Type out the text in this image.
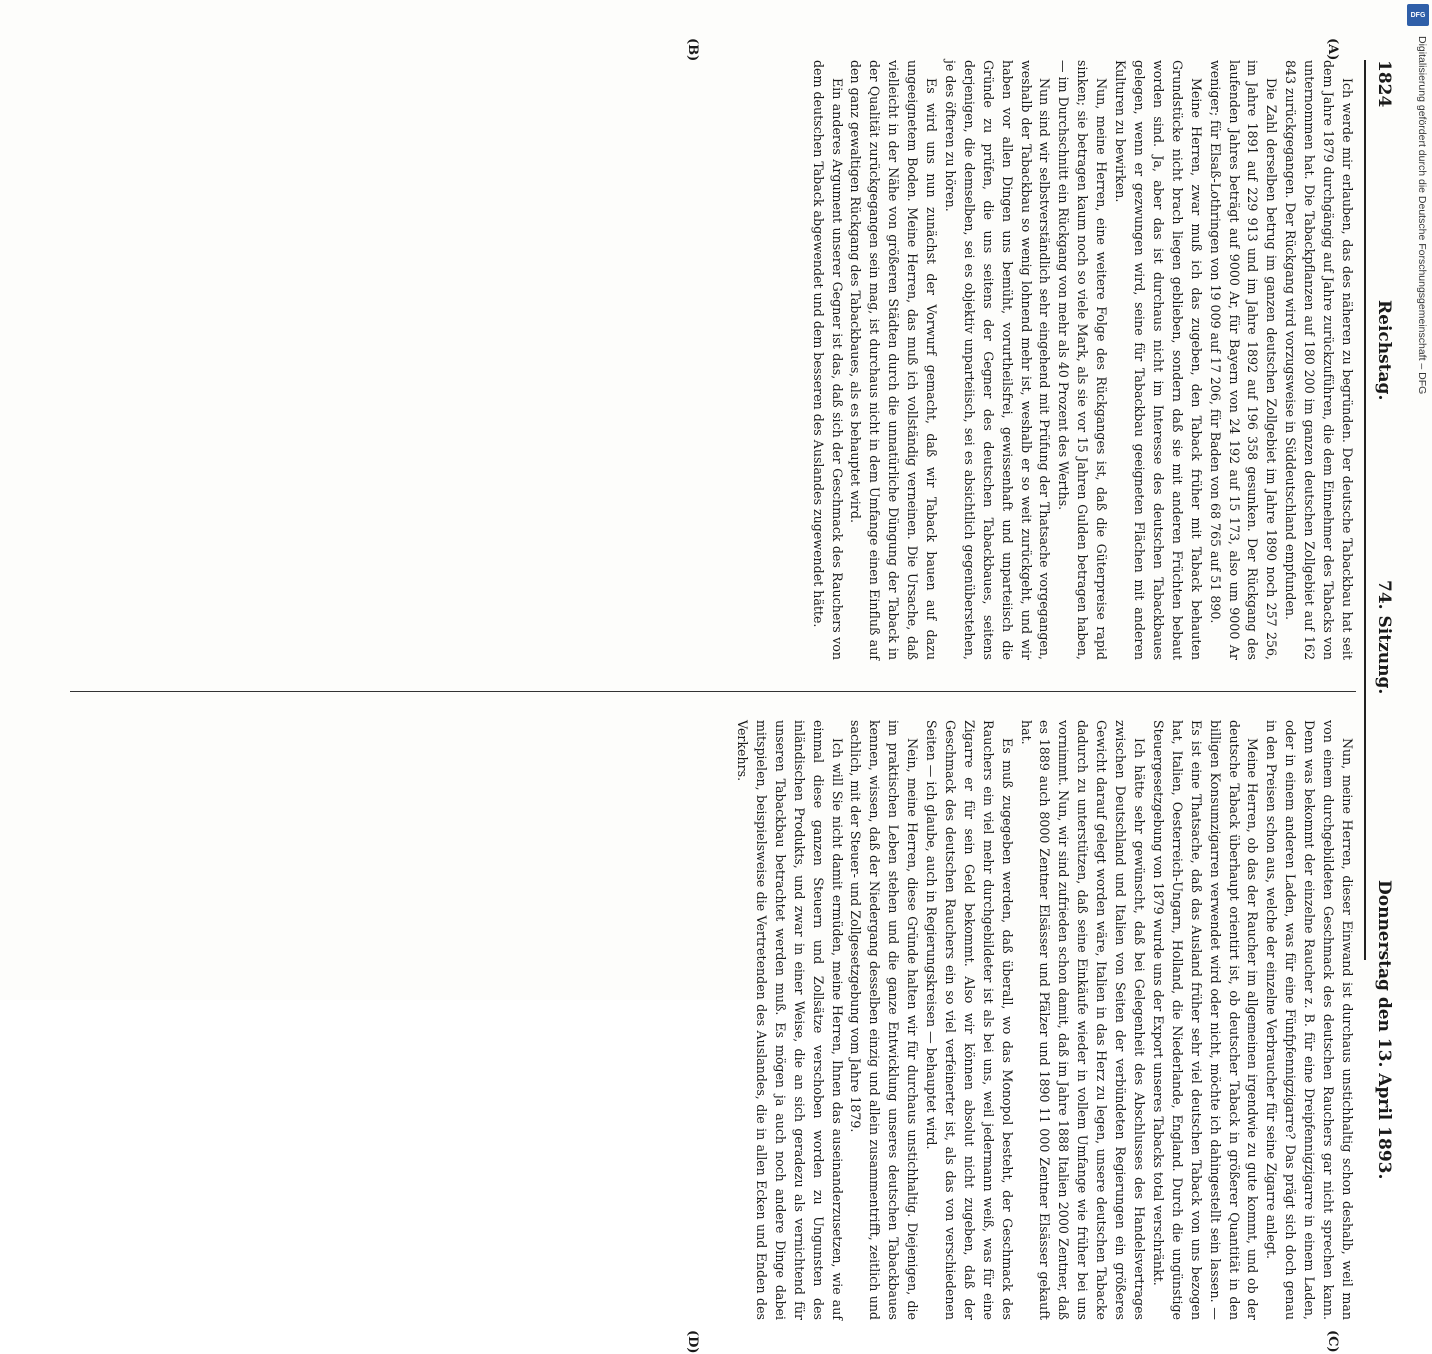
1824
Reichstag.
74. Sitzung.
Donnerstag den 13. April 1893.
(A)
(B)
(C)
(D)

Ich werde mir erlauben, das des näheren zu begründen. Der deutsche Tabackbau hat seit dem Jahre 1879 durchgängig auf Jahre zurückzuführen, die dem Einnehmer des Tabacks von unternommen hat. Die Tabackpflanzen auf 180 200 im ganzen deutschen Zollgebiet auf 162 843 zurückgegangen. Der Rückgang wird vorzugsweise in Süddeutschland empfunden.

Die Zahl derselben betrug im ganzen deutschen Zollgebiet im Jahre 1890 noch 257 256, im Jahre 1891 auf 229 913 und im Jahre 1892 auf 196 358 gesunken. Der Rückgang des laufenden Jahres beträgt auf 9000 Ar, für Bayern von 24 192 auf 15 173, also um 9000 Ar weniger; für Elsaß-Lothringen von 19 009 auf 17 206, für Baden von 68 765 auf 51 890.

Meine Herren, zwar muß ich das zugeben, den Taback früher mit Taback behauten Grundstücke nicht brach liegen geblieben, sondern daß sie mit anderen Früchten bebaut worden sind. Ja, aber das ist durchaus nicht im Interesse des deutschen Tabackbaues gelegen, wenn er gezwungen wird, seine für Tabackbau geeigneten Flächen mit anderen Kulturen zu bewirken.

Nun, meine Herren, eine weitere Folge des Rückganges ist, daß die Güterpreise rapid sinken; sie betragen kaum noch so viele Mark, als sie vor 15 Jahren Gulden betragen haben, — im Durchschnitt ein Rückgang von mehr als 40 Prozent des Werths.

Nun sind wir selbstverständlich sehr eingehend mit Prüfung der Thatsache vorgegangen, weshalb der Tabackbau so wenig lohnend mehr ist, weshalb er so weit zurückgeht, und wir haben vor allen Dingen uns bemüht, vorurtheilsfrei, gewissenhaft und unparteiisch die Gründe zu prüfen, die uns seitens der Gegner des deutschen Tabackbaues, seitens derjenigen, die demselben, sei es objektiv unparteiisch, sei es absichtlich gegenüberstehen, je des öfteren zu hören.

Es wird uns nun zunächst der Vorwurf gemacht, daß wir Taback bauen auf dazu ungeeignetem Boden. Meine Herren, das muß ich vollständig verneinen. Die Ursache, daß vielleicht in der Nähe von größeren Städten durch die unnatürliche Düngung der Taback in der Qualität zurückgegangen sein mag, ist durchaus nicht in dem Umfange einen Einfluß auf den ganz gewaltigen Rückgang des Tabackbaues, als es behauptet wird.

Ein anderes Argument unserer Gegner ist das, daß sich der Geschmack des Rauchers von dem deutschen Taback abgewendet und dem besseren des Auslandes zugewendet hätte.

Nun, meine Herren, dieser Einwand ist durchaus unstichhaltig schon deshalb, weil man von einem durchgebildeten Geschmack des deutschen Rauchers gar nicht sprechen kann. Denn was bekommt der einzelne Raucher z. B. für eine Dreipfennigzigarre in einem Laden, oder in einem anderen Laden, was für eine Fünfpfennigzigarre? Das prägt sich doch genau in den Preisen schon aus, welche der einzelne Verbraucher für seine Zigarre anlegt.

Meine Herren, ob das der Raucher im allgemeinen irgendwie zu gute kommt, und ob der deutsche Taback überhaupt orientirt ist, ob deutscher Taback in größerer Quantität in den billigen Konsumzigarren verwendet wird oder nicht, möchte ich dahingestellt sein lassen. — Es ist eine Thatsache, daß das Ausland früher sehr viel deutschen Taback von uns bezogen hat, Italien, Oesterreich-Ungarn, Holland, die Niederlande, England. Durch die ungünstige Steuergesetzgebung von 1879 wurde uns der Export unseres Tabacks total verschränkt.

Ich hätte sehr gewünscht, daß bei Gelegenheit des Abschlusses des Handelsvertrages zwischen Deutschland und Italien von Seiten der verbündeten Regierungen ein größeres Gewicht darauf gelegt worden wäre, Italien in das Herz zu legen, unsere deutschen Tabacke dadurch zu unterstützen, daß seine Einkäufe wieder in vollem Umfange wie früher bei uns vornimmt. Nun, wir sind zufrieden schon damit, daß im Jahre 1888 Italien 2000 Zentner, daß es 1889 auch 8000 Zentner Elsässer und Pfälzer und 1890 11 000 Zentner Elsässer gekauft hat.

Es muß zugegeben werden, daß überall, wo das Monopol besteht, der Geschmack des Rauchers ein viel mehr durchgebildeter ist als bei uns, weil jedermann weiß, was für eine Zigarre er für sein Geld bekommt. Also wir können absolut nicht zugeben, daß der Geschmack des deutschen Rauchers ein so viel verfeinerter ist, als das von verschiedenen Seiten — ich glaube, auch in Regierungskreisen — behauptet wird.

Nein, meine Herren, diese Gründe halten wir für durchaus unstichhaltig. Diejenigen, die im praktischen Leben stehen und die ganze Entwicklung unseres deutschen Tabackbaues kennen, wissen, daß der Niedergang desselben einzig und allein zusammentrifft, zeitlich und sachlich, mit der Steuer- und Zollgesetzgebung vom Jahre 1879.

Ich will Sie nicht damit ermüden, meine Herren, Ihnen das auseinanderzusetzen, wie auf einmal diese ganzen Steuern und Zollsätze verschoben worden zu Ungunsten des inländischen Produkts, und zwar in einer Weise, die an sich geradezu als vernichtend für unseren Tabackbau betrachtet werden muß. Es mögen ja auch noch andere Dinge dabei mitspielen, beispielsweise die Vertretenden des Auslandes, die in allen Ecken und Enden des Verkehrs.

DFG
Digitalisierung gefördert durch die Deutsche Forschungsgemeinschaft – DFG
